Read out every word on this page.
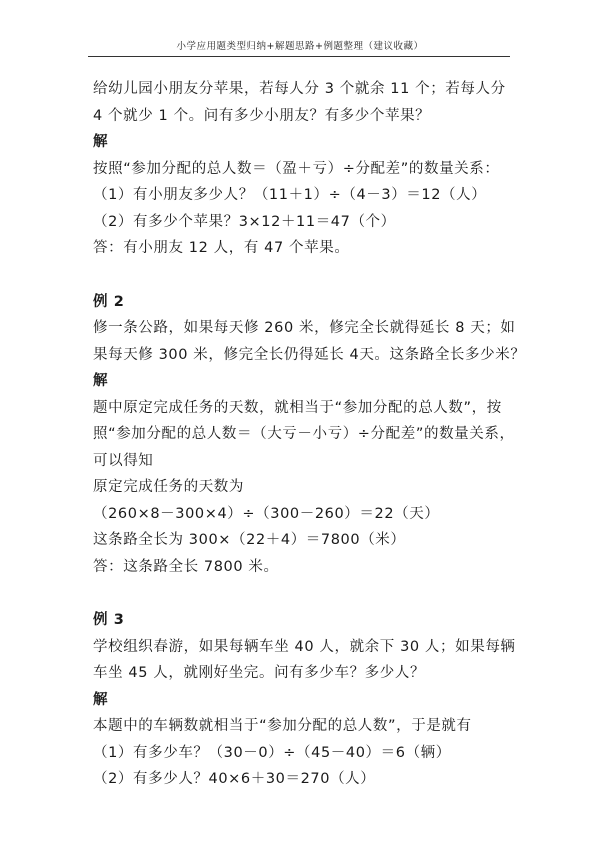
小学应用题类型归纳+解题思路+例题整理（建议收藏）
给幼儿园小朋友分苹果，若每人分 3 个就余 11 个；若每人分
4 个就少 1 个。问有多少小朋友？有多少个苹果？
解
按照“参加分配的总人数＝（盈＋亏）÷分配差”的数量关系：
（1）有小朋友多少人？（11＋1）÷（4－3）＝12（人）
（2）有多少个苹果？3×12＋11＝47（个）
答：有小朋友 12 人，有 47 个苹果。
例 2
修一条公路，如果每天修 260 米，修完全长就得延长 8 天；如
果每天修 300 米，修完全长仍得延长 4天。这条路全长多少米？
解
题中原定完成任务的天数，就相当于“参加分配的总人数”，按
照“参加分配的总人数＝（大亏－小亏）÷分配差”的数量关系，
可以得知
原定完成任务的天数为
（260×8－300×4）÷（300－260）＝22（天）
这条路全长为 300×（22＋4）＝7800（米）
答：这条路全长 7800 米。
例 3
学校组织春游，如果每辆车坐 40 人，就余下 30 人；如果每辆
车坐 45 人，就刚好坐完。问有多少车？多少人？
解
本题中的车辆数就相当于“参加分配的总人数”，于是就有
（1）有多少车？（30－0）÷（45－40）＝6（辆）
（2）有多少人？40×6＋30＝270（人）
